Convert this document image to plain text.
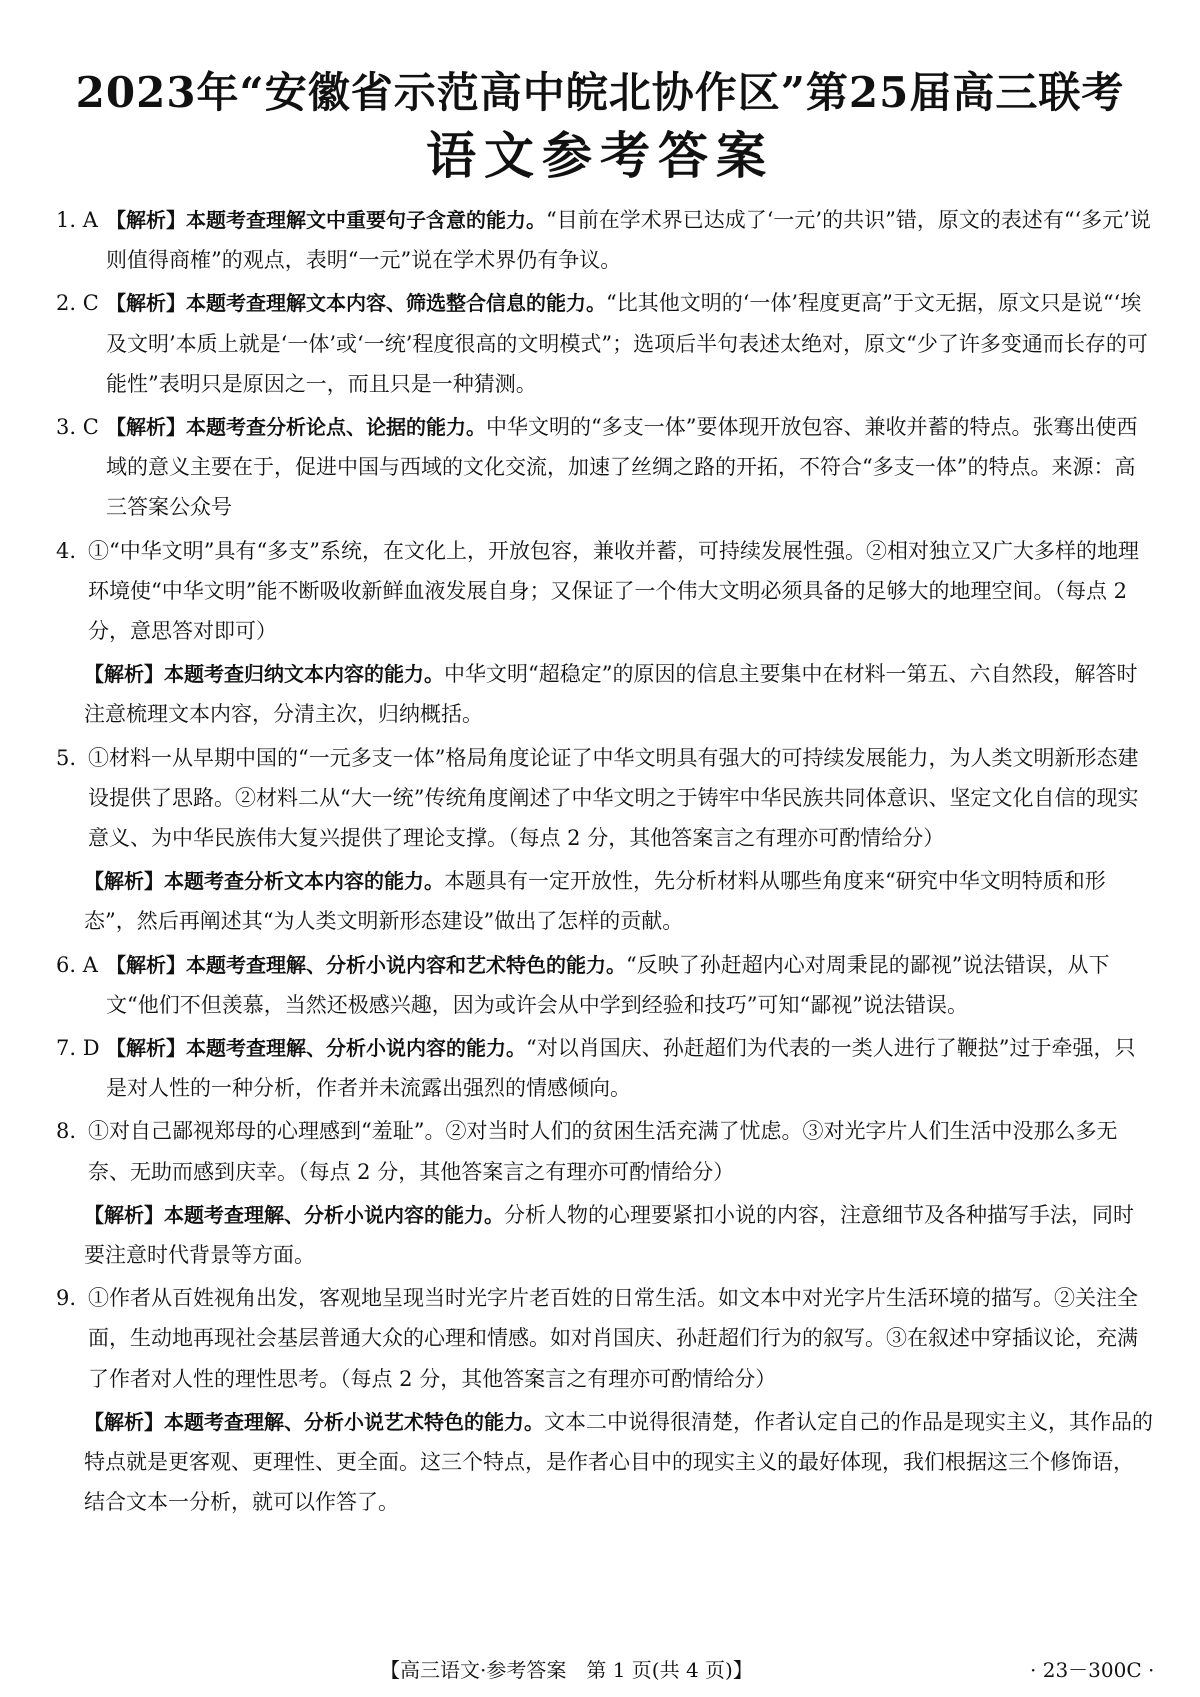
2023年“安徽省示范高中皖北协作区”第25届高三联考
语文参考答案
1. A 【解析】本题考查理解文中重要句子含意的能力。“目前在学术界已达成了‘一元’的共识”错，原文的表述有“‘多元’说则值得商榷”的观点，表明“一元”说在学术界仍有争议。
2. C 【解析】本题考查理解文本内容、筛选整合信息的能力。“比其他文明的‘一体’程度更高”于文无据，原文只是说“‘埃及文明’本质上就是‘一体’或‘一统’程度很高的文明模式”；选项后半句表述太绝对，原文“少了许多变通而长存的可能性”表明只是原因之一，而且只是一种猜测。
3. C 【解析】本题考查分析论点、论据的能力。中华文明的“多支一体”要体现开放包容、兼收并蓄的特点。张骞出使西域的意义主要在于，促进中国与西域的文化交流，加速了丝绸之路的开拓，不符合“多支一体”的特点。来源：高三答案公众号
4. ①“中华文明”具有“多支”系统，在文化上，开放包容，兼收并蓄，可持续发展性强。②相对独立又广大多样的地理环境使“中华文明”能不断吸收新鲜血液发展自身；又保证了一个伟大文明必须具备的足够大的地理空间。（每点 2 分，意思答对即可）
【解析】本题考查归纳文本内容的能力。中华文明“超稳定”的原因的信息主要集中在材料一第五、六自然段，解答时注意梳理文本内容，分清主次，归纳概括。
5. ①材料一从早期中国的“一元多支一体”格局角度论证了中华文明具有强大的可持续发展能力，为人类文明新形态建设提供了思路。②材料二从“大一统”传统角度阐述了中华文明之于铸牢中华民族共同体意识、坚定文化自信的现实意义、为中华民族伟大复兴提供了理论支撑。（每点 2 分，其他答案言之有理亦可酌情给分）
【解析】本题考查分析文本内容的能力。本题具有一定开放性，先分析材料从哪些角度来“研究中华文明特质和形态”，然后再阐述其“为人类文明新形态建设”做出了怎样的贡献。
6. A 【解析】本题考查理解、分析小说内容和艺术特色的能力。“反映了孙赶超内心对周秉昆的鄙视”说法错误，从下文“他们不但羡慕，当然还极感兴趣，因为或许会从中学到经验和技巧”可知“鄙视”说法错误。
7. D 【解析】本题考查理解、分析小说内容的能力。“对以肖国庆、孙赶超们为代表的一类人进行了鞭挞”过于牵强，只是对人性的一种分析，作者并未流露出强烈的情感倾向。
8. ①对自己鄙视郑母的心理感到“羞耻”。②对当时人们的贫困生活充满了忧虑。③对光字片人们生活中没那么多无奈、无助而感到庆幸。（每点 2 分，其他答案言之有理亦可酌情给分）
【解析】本题考查理解、分析小说内容的能力。分析人物的心理要紧扣小说的内容，注意细节及各种描写手法，同时要注意时代背景等方面。
9. ①作者从百姓视角出发，客观地呈现当时光字片老百姓的日常生活。如文本中对光字片生活环境的描写。②关注全面，生动地再现社会基层普通大众的心理和情感。如对肖国庆、孙赶超们行为的叙写。③在叙述中穿插议论，充满了作者对人性的理性思考。（每点 2 分，其他答案言之有理亦可酌情给分）
【解析】本题考查理解、分析小说艺术特色的能力。文本二中说得很清楚，作者认定自己的作品是现实主义，其作品的特点就是更客观、更理性、更全面。这三个特点，是作者心目中的现实主义的最好体现，我们根据这三个修饰语，结合文本一分析，就可以作答了。
【高三语文·参考答案　第 1 页(共 4 页)】	· 23－300C ·
